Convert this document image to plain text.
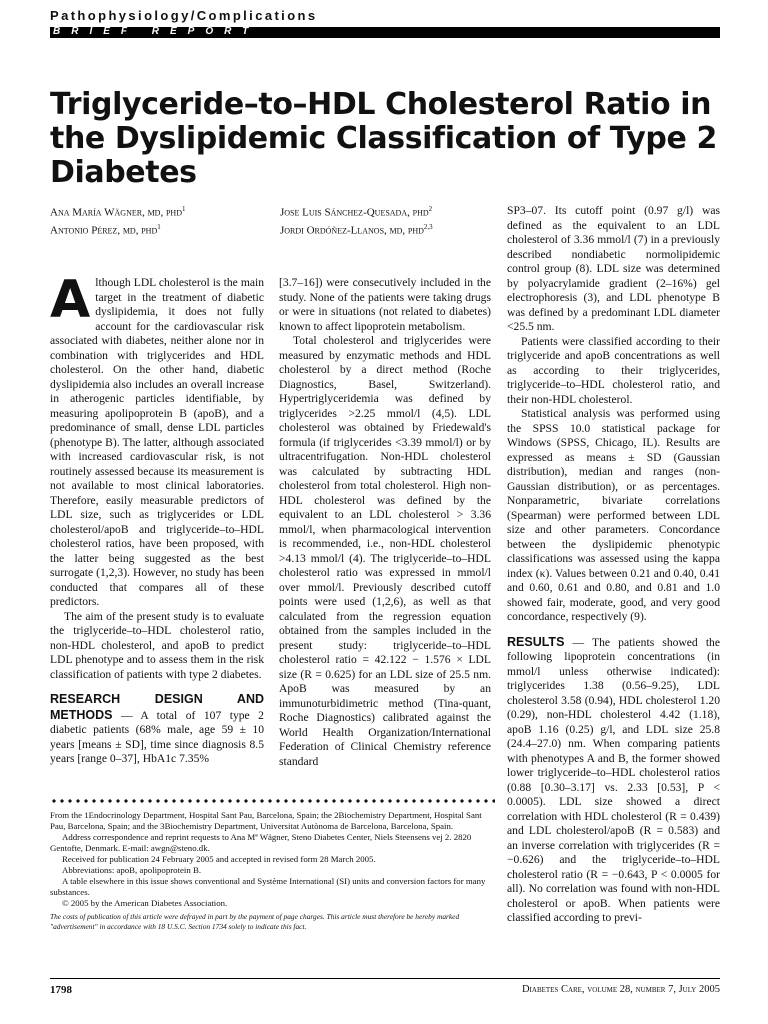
Pathophysiology/Complications
BRIEF REPORT
Triglyceride–to–HDL Cholesterol Ratio in the Dyslipidemic Classification of Type 2 Diabetes
Ana María Wägner, md, phd$^1$
Antonio Pérez, md, phd$^1$
Jose Luis Sánchez-Quesada, phd$^2$
Jordi Ordóñez-Llanos, md, phd$^{2,3}$

Although LDL cholesterol is the main target in the treatment of diabetic dyslipidemia, it does not fully account for the cardiovascular risk associated with diabetes, neither alone nor in combination with triglycerides and HDL cholesterol. On the other hand, diabetic dyslipidemia also includes an overall increase in atherogenic particles identifiable, by measuring apolipoprotein B (apoB), and a predominance of small, dense LDL particles (phenotype B). The latter, although associated with increased cardiovascular risk, is not routinely assessed because its measurement is not available to most clinical laboratories. Therefore, easily measurable predictors of LDL size, such as triglycerides or LDL cholesterol/apoB and triglyceride–to–HDL cholesterol ratios, have been proposed, with the latter being suggested as the best surrogate (1,2,3). However, no study has been conducted that compares all of these predictors.

The aim of the present study is to evaluate the triglyceride–to–HDL cholesterol ratio, non-HDL cholesterol, and apoB to predict LDL phenotype and to assess them in the risk classification of patients with type 2 diabetes.

RESEARCH DESIGN AND METHODS — A total of 107 type 2 diabetic patients (68% male, age 59 ± 10 years [means ± SD], time since diagnosis 8.5 years [range 0–37], HbA1c 7.35%

[3.7–16]) were consecutively included in the study. None of the patients were taking drugs or were in situations (not related to diabetes) known to affect lipoprotein metabolism.

Total cholesterol and triglycerides were measured by enzymatic methods and HDL cholesterol by a direct method (Roche Diagnostics, Basel, Switzerland). Hypertriglyceridemia was defined by triglycerides >2.25 mmol/l (4,5). LDL cholesterol was obtained by Friedewald's formula (if triglycerides <3.39 mmol/l) or by ultracentrifugation. Non-HDL cholesterol was calculated by subtracting HDL cholesterol from total cholesterol. High non-HDL cholesterol was defined by the equivalent to an LDL cholesterol > 3.36 mmol/l, when pharmacological intervention is recommended, i.e., non-HDL cholesterol >4.13 mmol/l (4). The triglyceride–to–HDL cholesterol ratio was expressed in mmol/l over mmol/l. Previously described cutoff points were used (1,2,6), as well as that calculated from the regression equation obtained from the samples included in the present study: triglyceride–to–HDL cholesterol ratio = 42.122 − 1.576 × LDL size (R = 0.625) for an LDL size of 25.5 nm. ApoB was measured by an immunoturbidimetric method (Tina-quant, Roche Diagnostics) calibrated against the World Health Organization/International Federation of Clinical Chemistry reference standard

SP3–07. Its cutoff point (0.97 g/l) was defined as the equivalent to an LDL cholesterol of 3.36 mmol/l (7) in a previously described nondiabetic normolipidemic control group (8). LDL size was determined by polyacrylamide gradient (2–16%) gel electrophoresis (3), and LDL phenotype B was defined by a predominant LDL diameter <25.5 nm.

Patients were classified according to their triglyceride and apoB concentrations as well as according to their triglycerides, triglyceride–to–HDL cholesterol ratio, and their non-HDL cholesterol.

Statistical analysis was performed using the SPSS 10.0 statistical package for Windows (SPSS, Chicago, IL). Results are expressed as means ± SD (Gaussian distribution), median and ranges (non-Gaussian distribution), or as percentages. Nonparametric, bivariate correlations (Spearman) were performed between LDL size and other parameters. Concordance between the dyslipidemic phenotypic classifications was assessed using the kappa index (κ). Values between 0.21 and 0.40, 0.41 and 0.60, 0.61 and 0.80, and 0.81 and 1.0 showed fair, moderate, good, and very good concordance, respectively (9).

RESULTS — The patients showed the following lipoprotein concentrations (in mmol/l unless otherwise indicated): triglycerides 1.38 (0.56–9.25), LDL cholesterol 3.58 (0.94), HDL cholesterol 1.20 (0.29), non-HDL cholesterol 4.42 (1.18), apoB 1.16 (0.25) g/l, and LDL size 25.8 (24.4–27.0) nm. When comparing patients with phenotypes A and B, the former showed lower triglyceride–to–HDL cholesterol ratios (0.88 [0.30–3.17] vs. 2.33 [0.53], P < 0.0005). LDL size showed a direct correlation with HDL cholesterol (R = 0.439) and LDL cholesterol/apoB (R = 0.583) and an inverse correlation with triglycerides (R = −0.626) and the triglyceride–to–HDL cholesterol ratio (R = −0.643, P < 0.0005 for all). No correlation was found with non-HDL cholesterol or apoB. When patients were classified according to previ-

From the 1Endocrinology Department, Hospital Sant Pau, Barcelona, Spain; the 2Biochemistry Department, Hospital Sant Pau, Barcelona, Spain; and the 3Biochemistry Department, Universitat Autònoma de Barcelona, Barcelona, Spain.

Address correspondence and reprint requests to Ana Mª Wägner, Steno Diabetes Center, Niels Steensens vej 2. 2820 Gentofte, Denmark. E-mail: awgn@steno.dk.

Received for publication 24 February 2005 and accepted in revised form 28 March 2005.

Abbreviations: apoB, apolipoprotein B.

A table elsewhere in this issue shows conventional and Système International (SI) units and conversion factors for many substances.

© 2005 by the American Diabetes Association.

The costs of publication of this article were defrayed in part by the payment of page charges. This article must therefore be hereby marked "advertisement" in accordance with 18 U.S.C. Section 1734 solely to indicate this fact.

1798	Diabetes Care, volume 28, number 7, July 2005
